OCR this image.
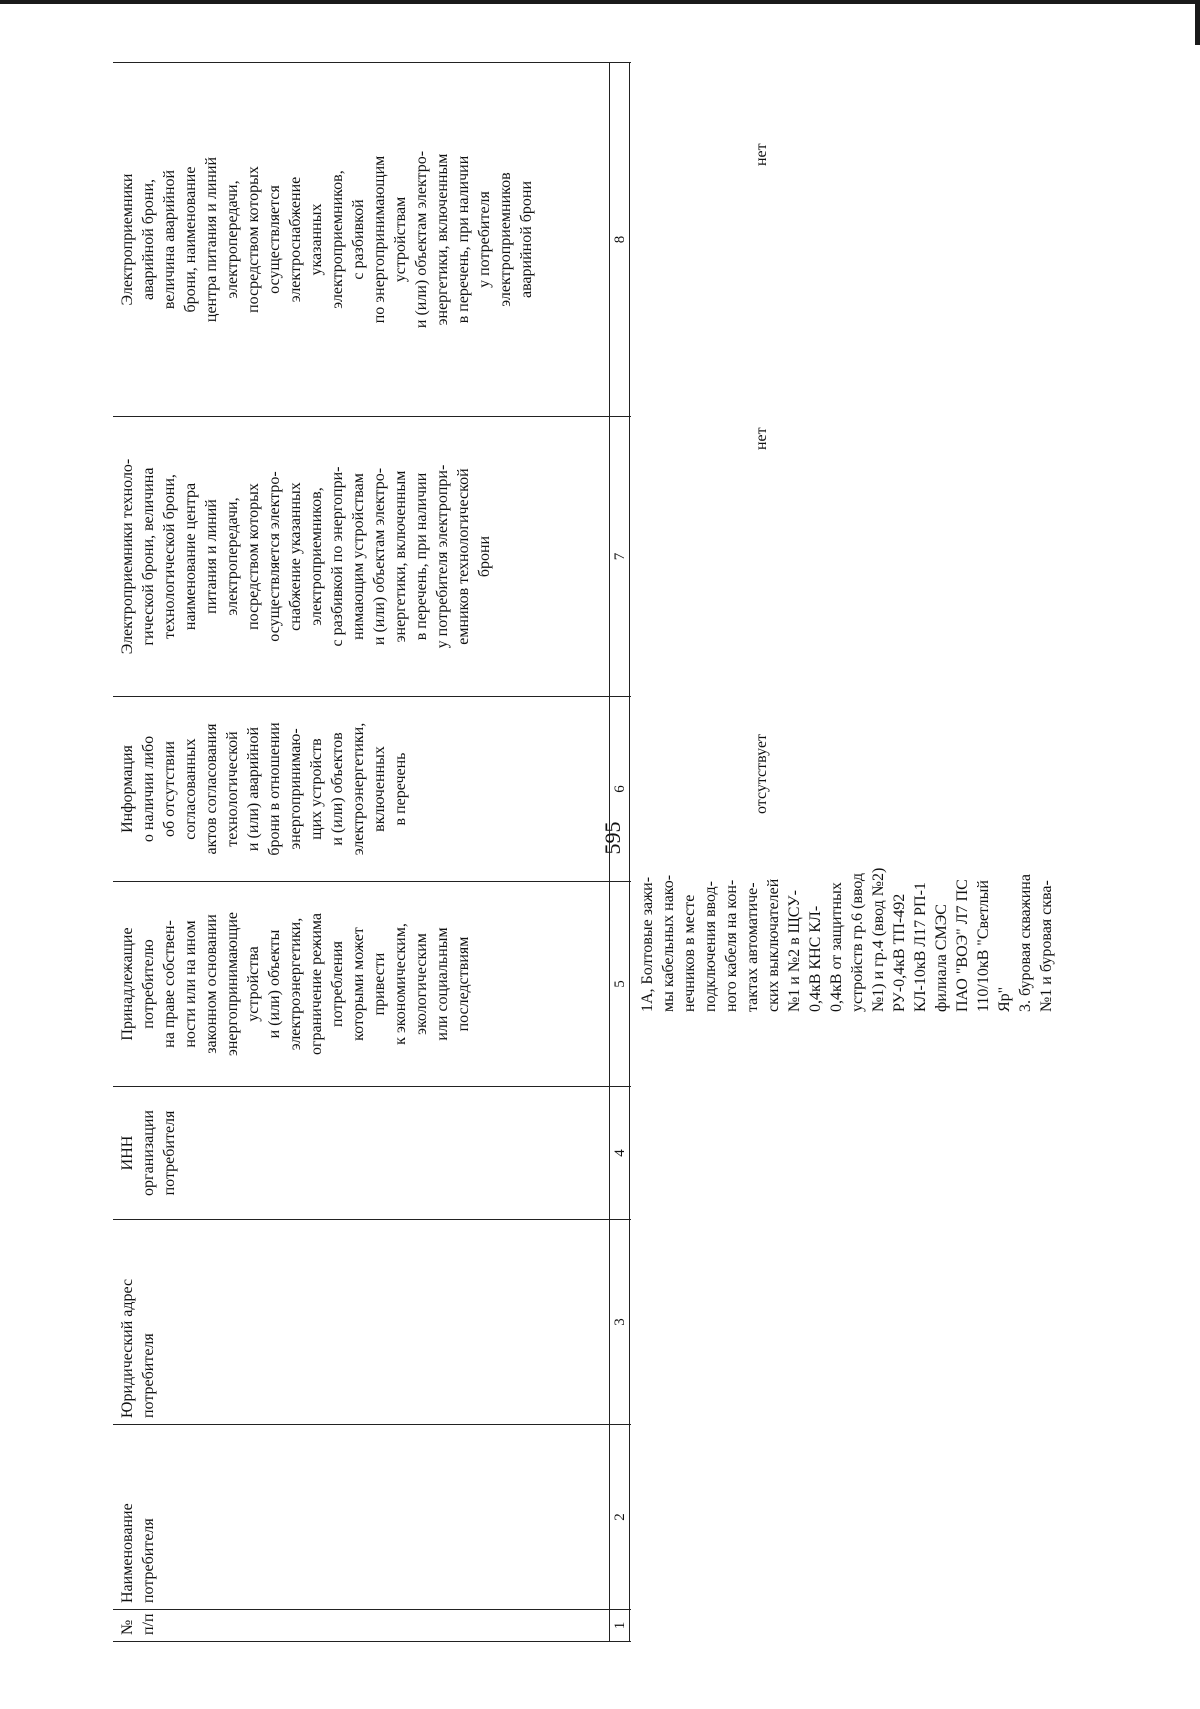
595
№
п/п
Наименование
потребителя
Юридический адрес
потребителя
ИНН
организации
потребителя
Принадлежащие
потребителю
на праве собствен-
ности или на ином
законном основании
энергопринимающие
устройства
и (или) объекты
электроэнергетики,
ограничение режима
потребления
которыми может
привести
к экономическим,
экологическим
или социальным
последствиям
Информация
о наличии либо
об отсутствии
согласованных
актов согласования
технологической
и (или) аварийной
брони в отношении
энергопринимаю-
щих устройств
и (или) объектов
электроэнергетики,
включенных
в перечень
Электроприемники техноло-
гической брони, величина
технологической брони,
наименование центра
питания и линий
электропередачи,
посредством которых
осуществляется электро-
снабжение указанных
электроприемников,
с разбивкой по энергопри-
нимающим устройствам
и (или) объектам электро-
энергетики, включенным
в перечень, при наличии
у потребителя электропри-
емников технологической
брони
Электроприемники
аварийной брони,
величина аварийной
брони, наименование
центра питания и линий
электропередачи,
посредством которых
осуществляется
электроснабжение
указанных
электроприемников,
с разбивкой
по энергопринимающим
устройствам
и (или) объектам электро-
энергетики, включенным
в перечень, при наличии
у потребителя
электроприемников
аварийной брони
1
2
3
4
5
6
7
8
1А, Болтовые зажи-
мы кабельных нако-
нечников в месте
подключения ввод-
ного кабеля на кон-
тактах автоматиче-
ских выключателей
№1 и №2 в ЩСУ-
0,4кВ КНС КЛ-
0,4кВ от защитных
устройств гр.6 (ввод
№1) и гр.4 (ввод №2)
РУ-0,4кВ ТП-492
КЛ-10кВ Л17 РП-1
филиала СМЭС
ПАО "ВОЭ" Л7 ПС
110/10кВ "Светлый
Яр"
3. буровая скважина
№1 и буровая сква-
отсутствует
нет
нет
